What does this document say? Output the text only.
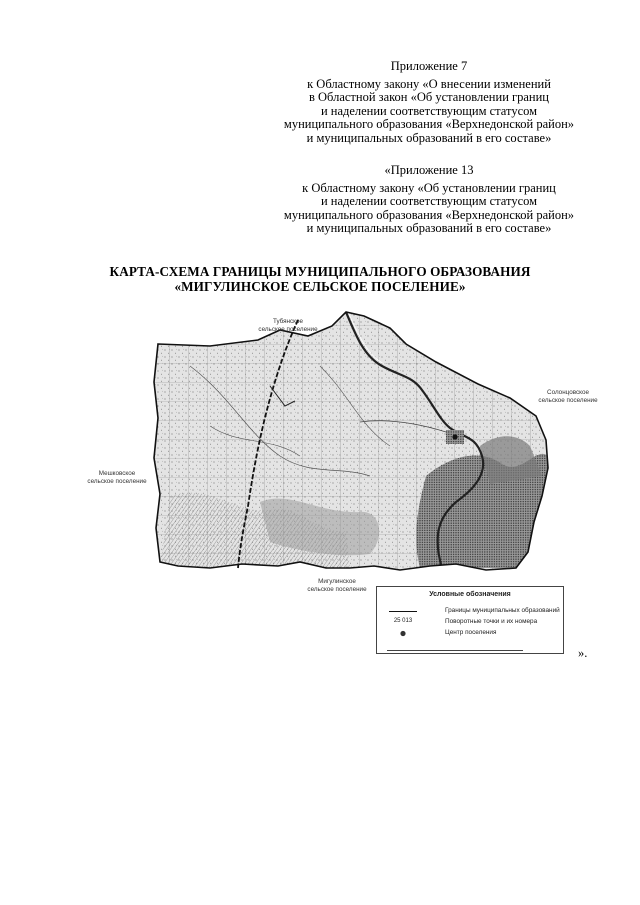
Приложение 7
к Областному закону «О внесении изменений
в Областной закон «Об установлении границ
и наделении соответствующим статусом
муниципального образования «Верхнедонской район»
и муниципальных образований в его составе»
«Приложение 13
к Областному закону «Об установлении границ
и наделении соответствующим статусом
муниципального образования «Верхнедонской район»
и муниципальных образований в его составе»
КАРТА-СХЕМА ГРАНИЦЫ МУНИЦИПАЛЬНОГО ОБРАЗОВАНИЯ
«МИГУЛИНСКОЕ СЕЛЬСКОЕ ПОСЕЛЕНИЕ»
Тубянское
сельское поселение
Солонцовское
сельское поселение
Мешковское
сельское поселение
Мигулинское
сельское поселение
Условные обозначения
Границы муниципальных образований
25 013	Поворотные точки и их номера
Центр поселения
».
